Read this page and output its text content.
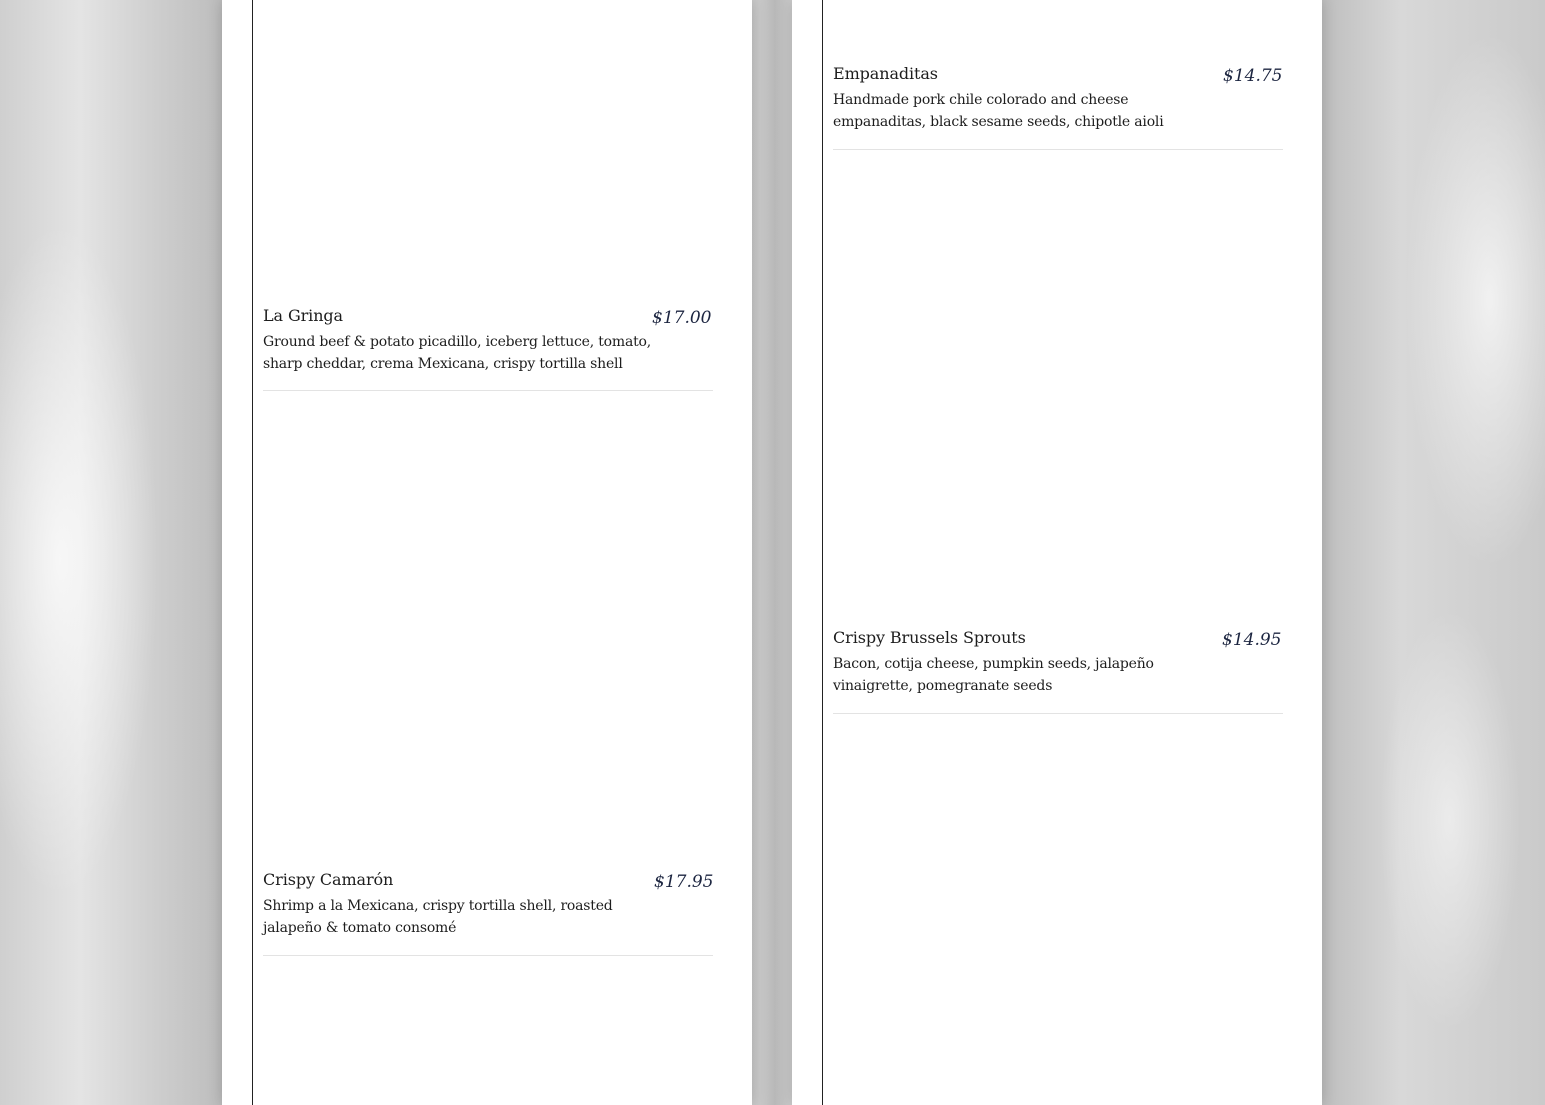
La Gringa
Ground beef & potato picadillo, iceberg lettuce, tomato, sharp cheddar, crema Mexicana, crispy tortilla shell
$17.00
Crispy Camarón
Shrimp a la Mexicana, crispy tortilla shell, roasted jalapeño & tomato consomé
$17.95
Empanaditas
Handmade pork chile colorado and cheese empanaditas, black sesame seeds, chipotle aioli
$14.75
Crispy Brussels Sprouts
Bacon, cotija cheese, pumpkin seeds, jalapeño vinaigrette, pomegranate seeds
$14.95
